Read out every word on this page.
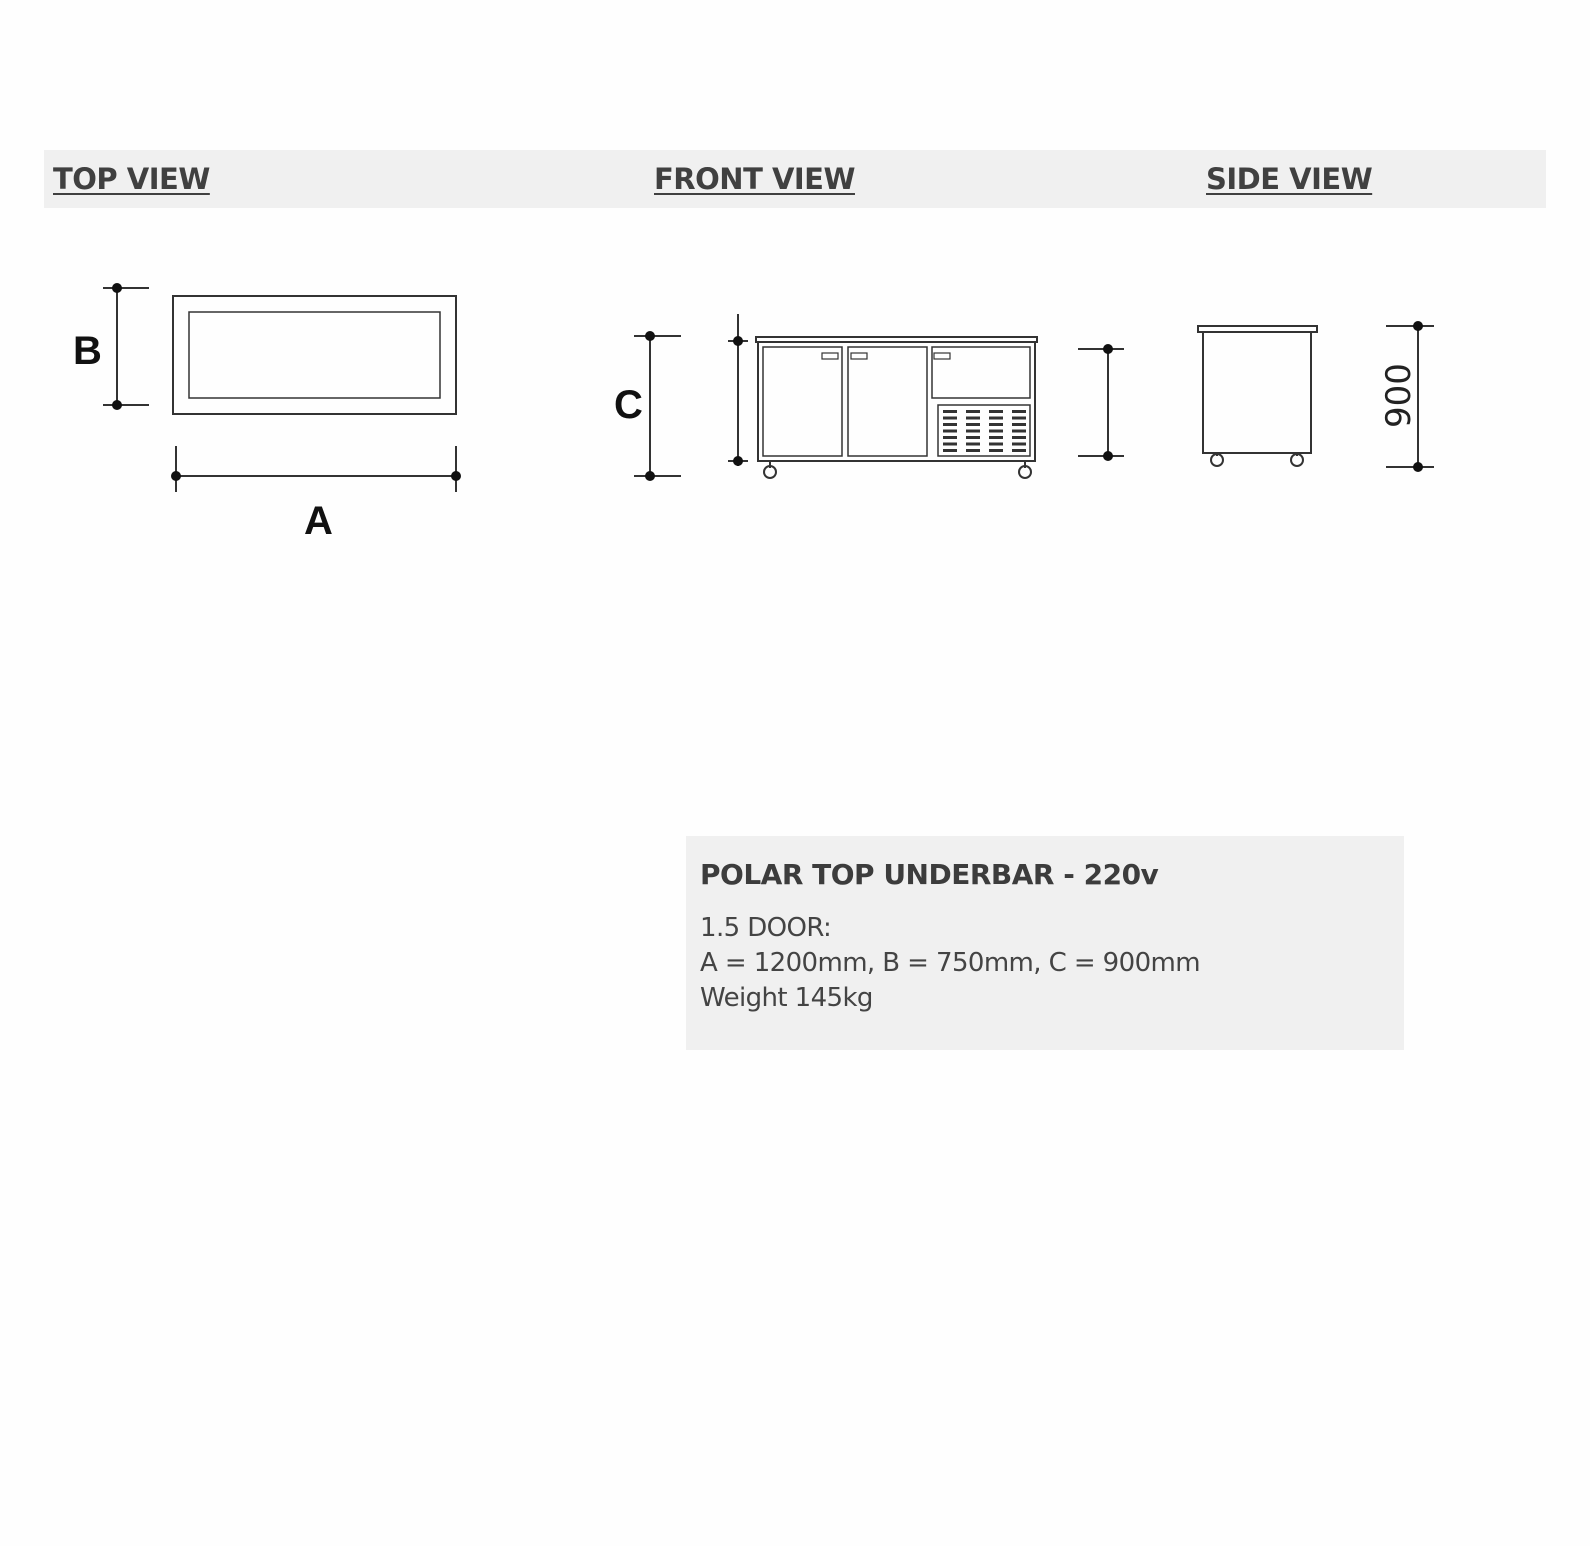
TOP VIEW	FRONT VIEW	SIDE VIEW
B
A
C	900
POLAR TOP UNDERBAR - 220v
1.5 DOOR:
A = 1200mm, B = 750mm, C = 900mm
Weight 145kg
